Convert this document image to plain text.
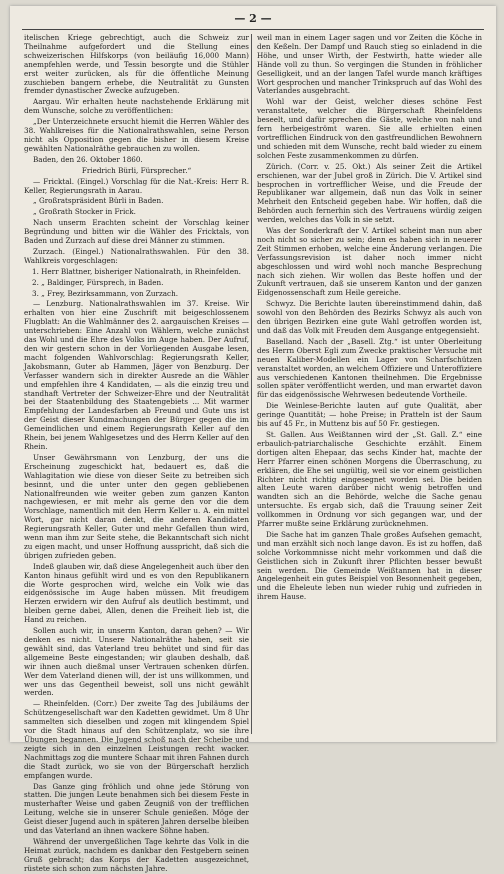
— 2 —

itelischen Kriege gebrechtigt, auch die Schweiz zur Theilnahme aufgefordert und die Stellung eines schweizerischen Hilfskorps (von beiläufig 16,000 Mann) anempfehlen werde, und Tessin besorgte und die Stühler erst weiter zurücken, als für die öffentliche Meinung zuschieben bangern erhebe, die Neutralität zu Gunsten fremder dynastischer Zwecke aufzugeben.

Aargau. Wir erhalten heute nachstehende Erklärung mit dem Wunsche, solche zu veröffentlichen:

„Der Unterzeichnete ersucht hiemit die Herren Wähler des 38. Wahlkreises für die Nationalrathswahlen, seine Person nicht als Opposition gegen die bisher in diesem Kreise gewählten Nationalräthe gebrauchen zu wollen.

Baden, den 26. Oktober 1860.

Friedrich Bürli, Fürsprecher.“

— Fricktal. (Eingel.) Vorschlag für die Nat.-Kreis: Herr R. Keller, Regierungsrath in Aarau.

„ Großratspräsident Bürli in Baden.

„ Großrath Stocker in Frick.

Nach unserm Erachten scheint der Vorschlag keiner Begründung und bitten wir die Wähler des Fricktals, von Baden und Zurzach auf diese drei Männer zu stimmen.

Zurzach. (Eingel.) Nationalrathswahlen. Für den 38. Wahlkreis vorgeschlagen:

1. Herr Blattner, bisheriger Nationalrath, in Rheinfelden.

2. „ Baldinger, Fürsprech, in Baden.

3. „ Frey, Bezirksammann, von Zurzach.

— Lenzburg. Nationalrathswahlen im 37. Kreise. Wir erhalten von hier eine Zuschrift mit beigeschlossenem Flugblatt: An die Wahlmänner des 2. aargauischen Kreises — unterschrieben: Eine Anzahl von Wählern, welche zunächst das Wohl und die Ehre des Volks im Auge haben. Der Aufruf, den wir gestern schon in der Vorliegenden Ausgabe lesen, macht folgenden Wahlvorschlag: Regierungsrath Keller, Jakobsmann, Guter ab Hammen, Jäger von Benzburg. Der Verfasser wandern sich in direkter Ausrede an die Wähler und empfehlen ihre 4 Kandidaten, — als die einzig treu und standhaft Vertreter der Schweizer-Ehre und der Neutralität bei der Staatenbildung des Staatengebiets ... Mit warmer Empfehlung der Landesfarben ab Freund und Gute uns ist der Geist dieser Kundmachungen der Bürger gegen die im Gemeindlichen und einem Regierungsrath Keller auf den Rhein, bei jenem Wahlgesetzes und des Herrn Keller auf den Rhein.

Unser Gewährsmann von Lenzburg, der uns die Erscheinung zugeschickt hat, bedauert es, daß die Wahlagitation wie diese von dieser Seite zu betreiben sich besinnt, und die unter unter den gegen gebliebenen Nationalfreunden wie weiter geben zum ganzen Kanton nachgewiesen, er mit mehr als gerne den vor die dem Vorschlage, namentlich mit den Herrn Keller u. A. ein mittel Wort, gar nicht daran denkt, die anderen Kandidaten Regierungsrath Keller, Guter und mehr Gefallen thun wird, wenn man ihm zur Seite stehe, die Bekanntschaft sich nicht zu eigen macht, und unser Hoffnung ausspricht, daß sich die übrigen zufrieden geben.

Indeß glauben wir, daß diese Angelegenheit auch über den Kanton hinaus gefühlt wird und es von den Republikanern die Worte gesprochen wird, welche ein Volk wie das eidgenössische im Auge haben müssen. Mit freudigem Herzen erwidern wir den Aufruf als deutlich bestimmt, und bleiben gerne dabei, Allen, denen die Freiheit lieb ist, die Hand zu reichen.

Sollen auch wir, in unserm Kanton, daran gehen? — Wir denken es nicht. Unsere Nationalräthe haben, seit sie gewählt sind, das Vaterland treu behütet und sind für das allgemeine Beste eingestanden; wir glauben deshalb, daß wir ihnen auch dießmal unser Vertrauen schenken dürfen. Wer dem Vaterland dienen will, der ist uns willkommen, und wer uns das Gegentheil beweist, soll uns nicht gewählt werden.

— Rheinfelden. (Corr.) Der zweite Tag des Jubiläums der Schützengesellschaft war den Kadetten gewidmet. Um 8 Uhr sammelten sich dieselben und zogen mit klingendem Spiel vor die Stadt hinaus auf den Schützenplatz, wo sie ihre Übungen begannen. Die Jugend schoß nach der Scheibe und zeigte sich in den einzelnen Leistungen recht wacker. Nachmittags zog die muntere Schaar mit ihren Fahnen durch die Stadt zurück, wo sie von der Bürgerschaft herzlich empfangen wurde.

Das Ganze ging fröhlich und ohne jede Störung von statten. Die jungen Leute benahmen sich bei diesem Feste in musterhafter Weise und gaben Zeugniß von der trefflichen Leitung, welche sie in unserer Schule genießen. Möge der Geist dieser Jugend auch in späteren Jahren derselbe bleiben und das Vaterland an ihnen wackere Söhne haben.

Während der unvergeßlichen Tage kehrte das Volk in die Heimat zurück, nachdem es dankbar den Festgebern seinen Gruß gebracht; das Korps der Kadetten ausgezeichnet, rüstete sich schon zum nächsten Jahre.

weil man in einem Lager sagen und vor Zeiten die Köche in den Keßeln. Der Dampf und Rauch stieg so einladend in die Höhe, und unser Wirth, der Festwirth, hatte wieder alle Hände voll zu thun. So vergingen die Stunden in fröhlicher Geselligkeit, und an der langen Tafel wurde manch kräftiges Wort gesprochen und mancher Trinkspruch auf das Wohl des Vaterlandes ausgebracht.

Wohl war der Geist, welcher dieses schöne Fest veranstaltete, welcher die Bürgerschaft Rheinfeldens beseelt, und dafür sprechen die Gäste, welche von nah und fern herbeigeströmt waren. Sie alle erhielten einen vortrefflichen Eindruck von den gastfreundlichen Bewohnern und schieden mit dem Wunsche, recht bald wieder zu einem solchen Feste zusammenkommen zu dürfen.

Zürich. (Corr. v. 25. Okt.) Als seiner Zeit die Artikel erschienen, war der Jubel groß in Zürich. Die V. Artikel sind besprochen in vortrefflicher Weise, und die Freude der Republikaner war allgemein, daß nun das Volk in seiner Mehrheit den Entscheid gegeben habe. Wir hoffen, daß die Behörden auch fernerhin sich des Vertrauens würdig zeigen werden, welches das Volk in sie setzt.

Was der Sonderkraft der V. Artikel scheint man nun aber noch nicht so sicher zu sein; denn es haben sich in neuerer Zeit Stimmen erhoben, welche eine Änderung verlangen. Die Verfassungsrevision ist daher noch immer nicht abgeschlossen und wird wohl noch manche Besprechung nach sich ziehen. Wir wollen das Beste hoffen und der Zukunft vertrauen, daß sie unserem Kanton und der ganzen Eidgenossenschaft zum Heile gereiche.

Schwyz. Die Berichte lauten übereinstimmend dahin, daß sowohl von den Behörden des Bezirks Schwyz als auch von den übrigen Bezirken eine gute Wahl getroffen worden ist, und daß das Volk mit Freuden dem Ausgange entgegensieht.

Baselland. Nach der „Basell. Ztg.“ ist unter Oberleitung des Herrn Oberst Egli zum Zwecke praktischer Versuche mit neuen Kaliber-Modellen ein Lager von Scharfschützen veranstaltet worden, an welchem Offiziere und Unteroffiziere aus verschiedenen Kantonen theilnehmen. Die Ergebnisse sollen später veröffentlicht werden, und man erwartet davon für das eidgenössische Wehrwesen bedeutende Vortheile.

Die Weinlese-Berichte lauten auf gute Qualität, aber geringe Quantität; — hohe Preise; in Pratteln ist der Saum bis auf 45 Fr., in Muttenz bis auf 50 Fr. gestiegen.

St. Gallen. Aus Weißtannen wird der „St. Gall. Z.“ eine erbaulich-patriarchalische Geschichte erzählt. Einem dortigen alten Ehepaar, das sechs Kinder hat, machte der Herr Pfarrer einen schönen Morgens die Überraschung, zu erklären, die Ehe sei ungültig, weil sie vor einem geistlichen Richter nicht richtig eingesegnet worden sei. Die beiden alten Leute waren darüber nicht wenig betroffen und wandten sich an die Behörde, welche die Sache genau untersuchte. Es ergab sich, daß die Trauung seiner Zeit vollkommen in Ordnung vor sich gegangen war, und der Pfarrer mußte seine Erklärung zurücknehmen.

Die Sache hat im ganzen Thale großes Aufsehen gemacht, und man erzählt sich noch lange davon. Es ist zu hoffen, daß solche Vorkommnisse nicht mehr vorkommen und daß die Geistlichen sich in Zukunft ihrer Pflichten besser bewußt sein werden. Die Gemeinde Weißtannen hat in dieser Angelegenheit ein gutes Beispiel von Besonnenheit gegeben, und die Eheleute leben nun wieder ruhig und zufrieden in ihrem Hause.
